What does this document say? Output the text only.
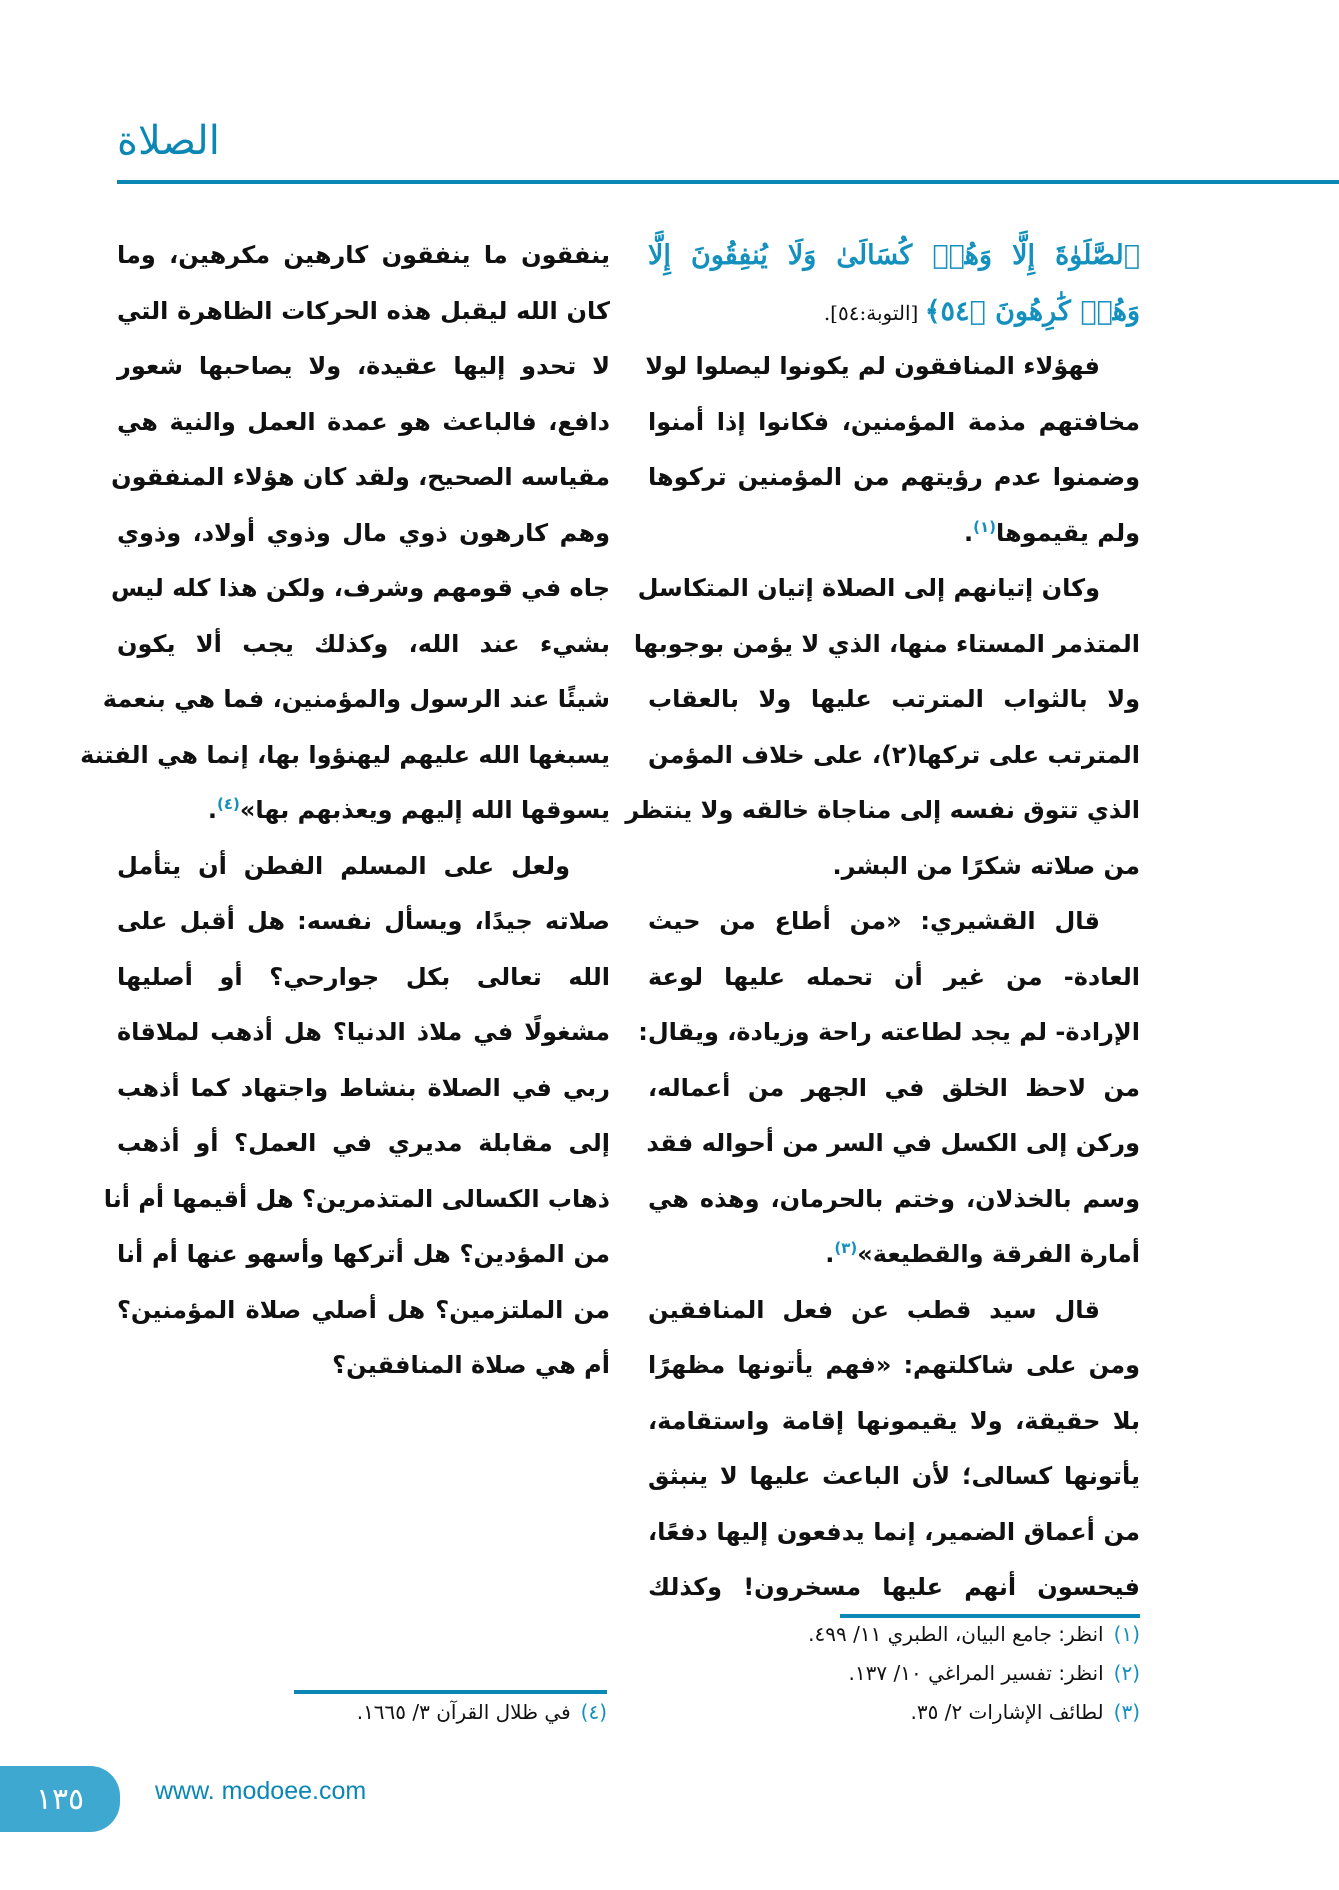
الصلاة
ٱلصَّلَوٰةَ إِلَّا وَهُمۡ كُسَالَىٰ وَلَا يُنفِقُونَ إِلَّا
وَهُمۡ كَٰرِهُونَ ﴿٥٤﴾ [التوبة:٥٤].
فهؤلاء المنافقون لم يكونوا ليصلوا لولا
مخافتهم مذمة المؤمنين، فكانوا إذا أمنوا
وضمنوا عدم رؤيتهم من المؤمنين تركوها
ولم يقيموها$^{(١)}$.
وكان إتيانهم إلى الصلاة إتيان المتكاسل
المتذمر المستاء منها، الذي لا يؤمن بوجوبها
ولا بالثواب المترتب عليها ولا بالعقاب
المترتب على تركها(٢)، على خلاف المؤمن
الذي تتوق نفسه إلى مناجاة خالقه ولا ينتظر
من صلاته شكرًا من البشر.
قال القشيري: «من أطاع من حيث
العادة- من غير أن تحمله عليها لوعة
الإرادة- لم يجد لطاعته راحة وزيادة، ويقال:
من لاحظ الخلق في الجهر من أعماله،
وركن إلى الكسل في السر من أحواله فقد
وسم بالخذلان، وختم بالحرمان، وهذه هي
أمارة الفرقة والقطيعة»$^{(٣)}$.
قال سيد قطب عن فعل المنافقين
ومن على شاكلتهم: «فهم يأتونها مظهرًا
بلا حقيقة، ولا يقيمونها إقامة واستقامة،
يأتونها كسالى؛ لأن الباعث عليها لا ينبثق
من أعماق الضمير، إنما يدفعون إليها دفعًا،
فيحسون أنهم عليها مسخرون! وكذلك
ينفقون ما ينفقون كارهين مكرهين، وما
كان الله ليقبل هذه الحركات الظاهرة التي
لا تحدو إليها عقيدة، ولا يصاحبها شعور
دافع، فالباعث هو عمدة العمل والنية هي
مقياسه الصحيح، ولقد كان هؤلاء المنفقون
وهم كارهون ذوي مال وذوي أولاد، وذوي
جاه في قومهم وشرف، ولكن هذا كله ليس
بشيء عند الله، وكذلك يجب ألا يكون
شيئًا عند الرسول والمؤمنين، فما هي بنعمة
يسبغها الله عليهم ليهنؤوا بها، إنما هي الفتنة
يسوقها الله إليهم ويعذبهم بها»$^{(٤)}$.
ولعل على المسلم الفطن أن يتأمل
صلاته جيدًا، ويسأل نفسه: هل أقبل على
الله تعالى بكل جوارحي؟ أو أصليها
مشغولًا في ملاذ الدنيا؟ هل أذهب لملاقاة
ربي في الصلاة بنشاط واجتهاد كما أذهب
إلى مقابلة مديري في العمل؟ أو أذهب
ذهاب الكسالى المتذمرين؟ هل أقيمها أم أنا
من المؤدين؟ هل أتركها وأسهو عنها أم أنا
من الملتزمين؟ هل أصلي صلاة المؤمنين؟
أم هي صلاة المنافقين؟
(١)انظر: جامع البيان، الطبري ١١/ ٤٩٩.
(٢)انظر: تفسير المراغي ١٠/ ١٣٧.
(٣)لطائف الإشارات ٢/ ٣٥.
(٤)في ظلال القرآن ٣/ ١٦٦٥.
١٣٥	www. modoee.com
